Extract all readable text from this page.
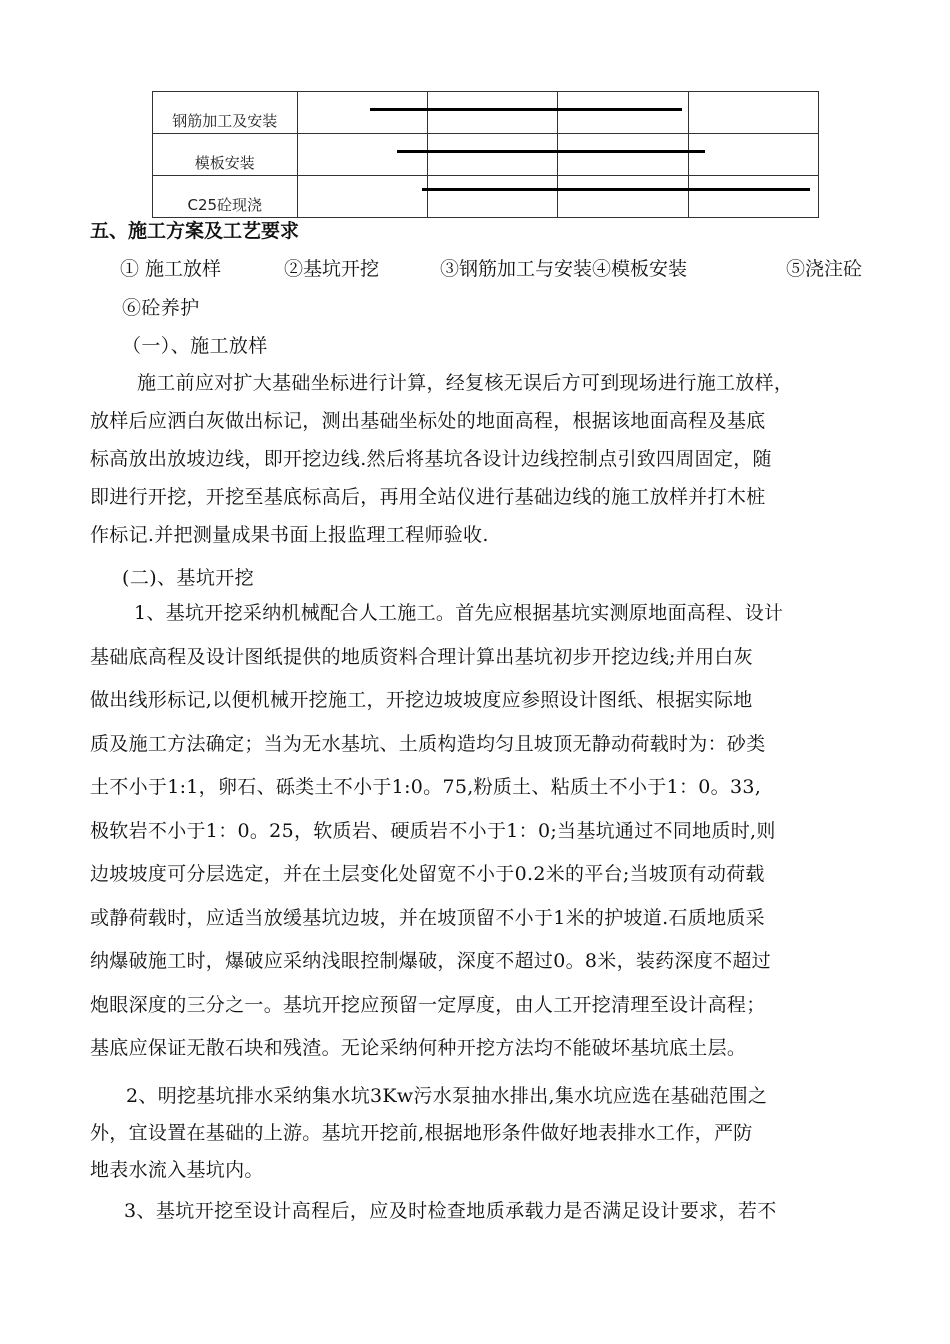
钢筋加工及安装				
模板安装				
C25砼现浇				
五、施工方案及工艺要求
① 施工放样	②基坑开挖	③钢筋加工与安装④模板安装	⑤浇注砼

⑥砼养护

（一）、施工放样

施工前应对扩大基础坐标进行计算，经复核无误后方可到现场进行施工放样，
放样后应洒白灰做出标记，测出基础坐标处的地面高程，根据该地面高程及基底
标高放出放坡边线，即开挖边线.然后将基坑各设计边线控制点引致四周固定，随
即进行开挖，开挖至基底标高后，再用全站仪进行基础边线的施工放样并打木桩
作标记.并把测量成果书面上报监理工程师验收.

(二)、基坑开挖

1、基坑开挖采纳机械配合人工施工。首先应根据基坑实测原地面高程、设计
基础底高程及设计图纸提供的地质资料合理计算出基坑初步开挖边线;并用白灰
做出线形标记,以便机械开挖施工，开挖边坡坡度应参照设计图纸、根据实际地
质及施工方法确定；当为无水基坑、土质构造均匀且坡顶无静动荷载时为：砂类
土不小于1:1，卵石、砾类土不小于1:0。75,粉质土、粘质土不小于1：0。33,
极软岩不小于1：0。25，软质岩、硬质岩不小于1：0;当基坑通过不同地质时,则
边坡坡度可分层选定，并在土层变化处留宽不小于0.2米的平台;当坡顶有动荷载
或静荷载时，应适当放缓基坑边坡，并在坡顶留不小于1米的护坡道.石质地质采
纳爆破施工时，爆破应采纳浅眼控制爆破，深度不超过0。8米，装药深度不超过
炮眼深度的三分之一。基坑开挖应预留一定厚度，由人工开挖清理至设计高程；
基底应保证无散石块和残渣。无论采纳何种开挖方法均不能破坏基坑底土层。
2、明挖基坑排水采纳集水坑3Kw污水泵抽水排出,集水坑应选在基础范围之
外，宜设置在基础的上游。基坑开挖前,根据地形条件做好地表排水工作，严防
地表水流入基坑内。

3、基坑开挖至设计高程后，应及时检查地质承载力是否满足设计要求，若不
